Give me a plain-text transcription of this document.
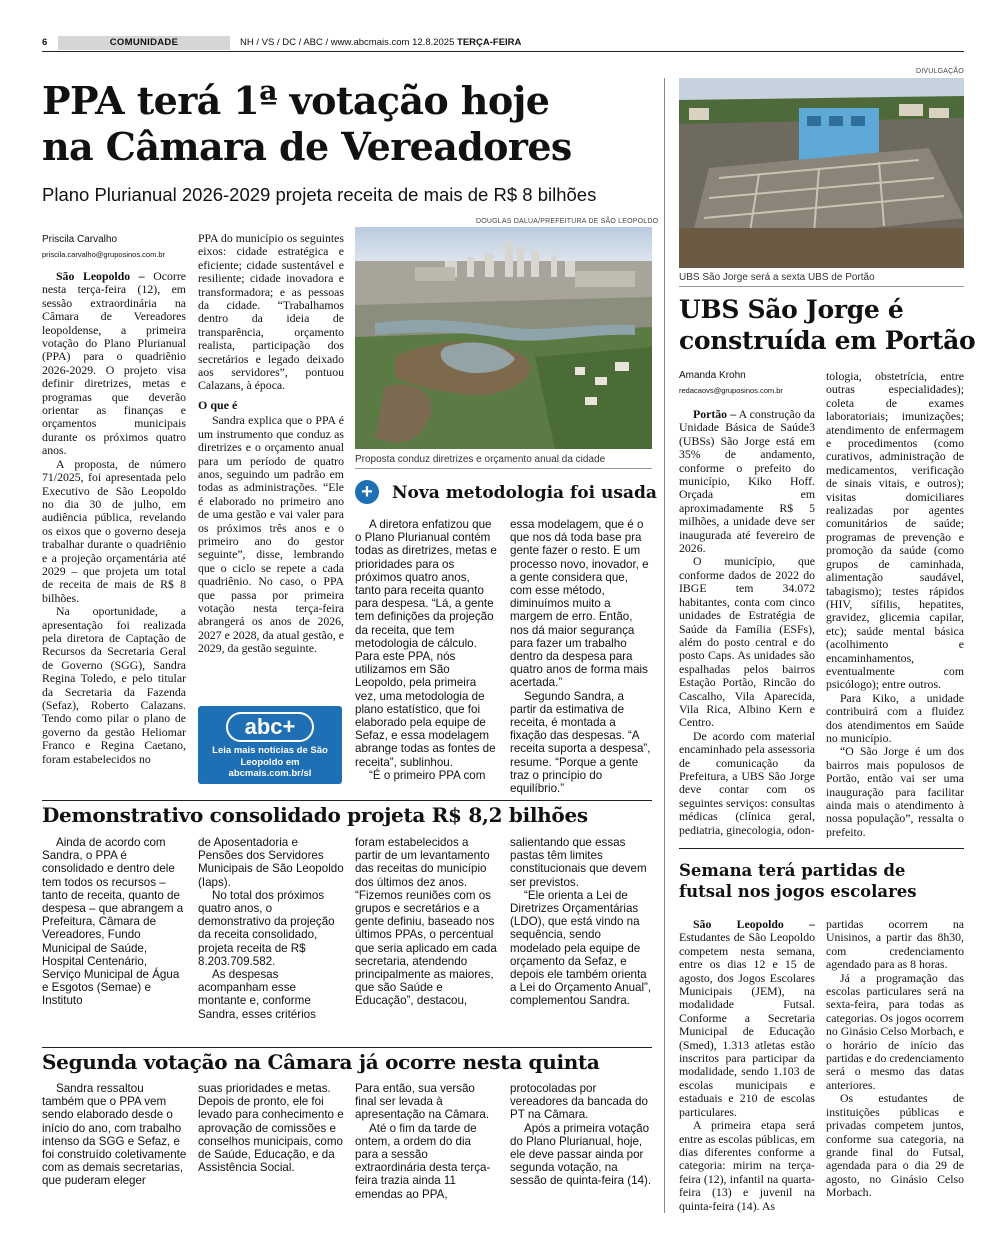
6	COMUNIDADE	NH / VS / DC / ABC / www.abcmais.com 12.8.2025 TERÇA-FEIRA
PPA terá 1ª votação hoje
na Câmara de Vereadores
Plano Plurianual 2026-2029 projeta receita de mais de R$ 8 bilhões
Priscila Carvalho
priscila.carvalho@gruposinos.com.br

São Leopoldo – Ocorre nesta terça-feira (12), em sessão extraordinária na Câmara de Vereadores leopoldense, a primeira votação do Plano Plurianual (PPA) para o quadriênio 2026-2029. O projeto visa definir diretrizes, metas e programas que deverão orientar as finanças e orçamentos municipais durante os próximos quatro anos.

A proposta, de número 71/2025, foi apresentada pelo Executivo de São Leopoldo no dia 30 de julho, em audiência pública, revelando os eixos que o governo deseja trabalhar durante o quadriênio e a projeção orçamentária até 2029 – que projeta um total de receita de mais de R$ 8 bilhões.

Na oportunidade, a apresentação foi realizada pela diretora de Captação de Recursos da Secretaria Geral de Governo (SGG), Sandra Regina Toledo, e pelo titular da Secretaria da Fazenda (Sefaz), Roberto Calazans. Tendo como pilar o plano de governo da gestão Heliomar Franco e Regina Caetano, foram estabelecidos no

PPA do município os seguintes eixos: cidade estratégica e eficiente; cidade sustentável e resiliente; cidade inovadora e transformadora; e as pessoas da cidade. “Trabalhamos dentro da ideia de transparência, orçamento realista, participação dos secretários e legado deixado aos servidores”, pontuou Calazans, à época.

O que é

Sandra explica que o PPA é um instrumento que conduz as diretrizes e o orçamento anual para um período de quatro anos, seguindo um padrão em todas as administrações. “Ele é elaborado no primeiro ano de uma gestão e vai valer para os próximos três anos e o primeiro ano do gestor seguinte”, disse, lembrando que o ciclo se repete a cada quadriênio. No caso, o PPA que passa por primeira votação nesta terça-feira abrangerá os anos de 2026, 2027 e 2028, da atual gestão, e 2029, da gestão seguinte.

abc+
Leia mais notícias de São Leopoldo em abcmais.com.br/sl
DOUGLAS DALUA/PREFEITURA DE SÃO LEOPOLDO
Proposta conduz diretrizes e orçamento anual da cidade
+	Nova metodologia foi usada

A diretora enfatizou que o Plano Plurianual contém todas as diretrizes, metas e prioridades para os próximos quatro anos, tanto para receita quanto para despesa. “Lá, a gente tem definições da projeção da receita, que tem metodologia de cálculo. Para este PPA, nós utilizamos em São Leopoldo, pela primeira vez, uma metodologia de plano estatístico, que foi elaborado pela equipe de Sefaz, e essa modelagem abrange todas as fontes de receita”, sublinhou.

“É o primeiro PPA com

essa modelagem, que é o que nos dá toda base pra gente fazer o resto. E um processo novo, inovador, e a gente considera que, com esse método, diminuímos muito a margem de erro. Então, nos dá maior segurança para fazer um trabalho dentro da despesa para quatro anos de forma mais acertada.”

Segundo Sandra, a partir da estimativa de receita, é montada a fixação das despesas. “A receita suporta a despesa”, resume. “Porque a gente traz o princípio do equilíbrio.”

Demonstrativo consolidado projeta R$ 8,2 bilhões

Ainda de acordo com Sandra, o PPA é consolidado e dentro dele tem todos os recursos – tanto de receita, quanto de despesa – que abrangem a Prefeitura, Câmara de Vereadores, Fundo Municipal de Saúde, Hospital Centenário, Serviço Municipal de Água e Esgotos (Semae) e Instituto

de Aposentadoria e Pensões dos Servidores Municipais de São Leopoldo (Iaps).

No total dos próximos quatro anos, o demonstrativo da projeção da receita consolidado, projeta receita de R$ 8.203.709.582.

As despesas acompanham esse montante e, conforme Sandra, esses critérios

foram estabelecidos a partir de um levantamento das receitas do município dos últimos dez anos. “Fizemos reuniões com os grupos e secretários e a gente definiu, baseado nos últimos PPAs, o percentual que seria aplicado em cada secretaria, atendendo principalmente as maiores, que são Saúde e Educação”, destacou,

salientando que essas pastas têm limites constitucionais que devem ser previstos.

“Ele orienta a Lei de Diretrizes Orçamentárias (LDO), que está vindo na sequência, sendo modelado pela equipe de orçamento da Sefaz, e depois ele também orienta a Lei do Orçamento Anual”, complementou Sandra.

Segunda votação na Câmara já ocorre nesta quinta

Sandra ressaltou também que o PPA vem sendo elaborado desde o início do ano, com trabalho intenso da SGG e Sefaz, e foi construído coletivamente com as demais secretarias, que puderam eleger

suas prioridades e metas. Depois de pronto, ele foi levado para conhecimento e aprovação de comissões e conselhos municipais, como de Saúde, Educação, e da Assistência Social.

Para então, sua versão final ser levada à apresentação na Câmara.

Até o fim da tarde de ontem, a ordem do dia para a sessão extraordinária desta terça-feira trazia ainda 11 emendas ao PPA,

protocoladas por vereadores da bancada do PT na Câmara.

Após a primeira votação do Plano Plurianual, hoje, ele deve passar ainda por segunda votação, na sessão de quinta-feira (14).

DIVULGAÇÃO
UBS São Jorge será a sexta UBS de Portão
UBS São Jorge é
construída em Portão
Amanda Krohn
redacaovs@gruposinos.com.br

Portão – A construção da Unidade Básica de Saúde3 (UBSs) São Jorge está em 35% de andamento, conforme o prefeito do município, Kiko Hoff. Orçada em aproximadamente R$ 5 milhões, a unidade deve ser inaugurada até fevereiro de 2026.

O município, que conforme dados de 2022 do IBGE tem 34.072 habitantes, conta com cinco unidades de Estratégia de Saúde da Família (ESFs), além do posto central e do posto Caps. As unidades são espalhadas pelos bairros Estação Portão, Rincão do Cascalho, Vila Aparecida, Vila Rica, Albino Kern e Centro.

De acordo com material encaminhado pela assessoria de comunicação da Prefeitura, a UBS São Jorge deve contar com os seguintes serviços: consultas médicas (clínica geral, pediatria, ginecologia, odon-

tologia, obstetrícia, entre outras especialidades); coleta de exames laboratoriais; imunizações; atendimento de enfermagem e procedimentos (como curativos, administração de medicamentos, verificação de sinais vitais, e outros); visitas domiciliares realizadas por agentes comunitários de saúde; programas de prevenção e promoção da saúde (como grupos de caminhada, alimentação saudável, tabagismo); testes rápidos (HIV, sífilis, hepatites, gravidez, glicemia capilar, etc); saúde mental básica (acolhimento e encaminhamentos, eventualmente com psicólogo); entre outros.

Para Kiko, a unidade contribuirá com a fluidez dos atendimentos em Saúde no município.

“O São Jorge é um dos bairros mais populosos de Portão, então vai ser uma inauguração para facilitar ainda mais o atendimento à nossa população”, ressalta o prefeito.

Semana terá partidas de
futsal nos jogos escolares

São Leopoldo – Estudantes de São Leopoldo competem nesta semana, entre os dias 12 e 15 de agosto, dos Jogos Escolares Municipais (JEM), na modalidade Futsal. Conforme a Secretaria Municipal de Educação (Smed), 1.313 atletas estão inscritos para participar da modalidade, sendo 1.103 de escolas municipais e estaduais e 210 de escolas particulares.

A primeira etapa será entre as escolas públicas, em dias diferentes conforme a categoria: mirim na terça-feira (12), infantil na quarta-feira (13) e juvenil na quinta-feira (14). As

partidas ocorrem na Unisinos, a partir das 8h30, com credenciamento agendado para as 8 horas.

Já a programação das escolas particulares será na sexta-feira, para todas as categorias. Os jogos ocorrem no Ginásio Celso Morbach, e o horário de início das partidas e do credenciamento será o mesmo das datas anteriores.

Os estudantes de instituições públicas e privadas competem juntos, conforme sua categoria, na grande final do Futsal, agendada para o dia 29 de agosto, no Ginásio Celso Morbach.
